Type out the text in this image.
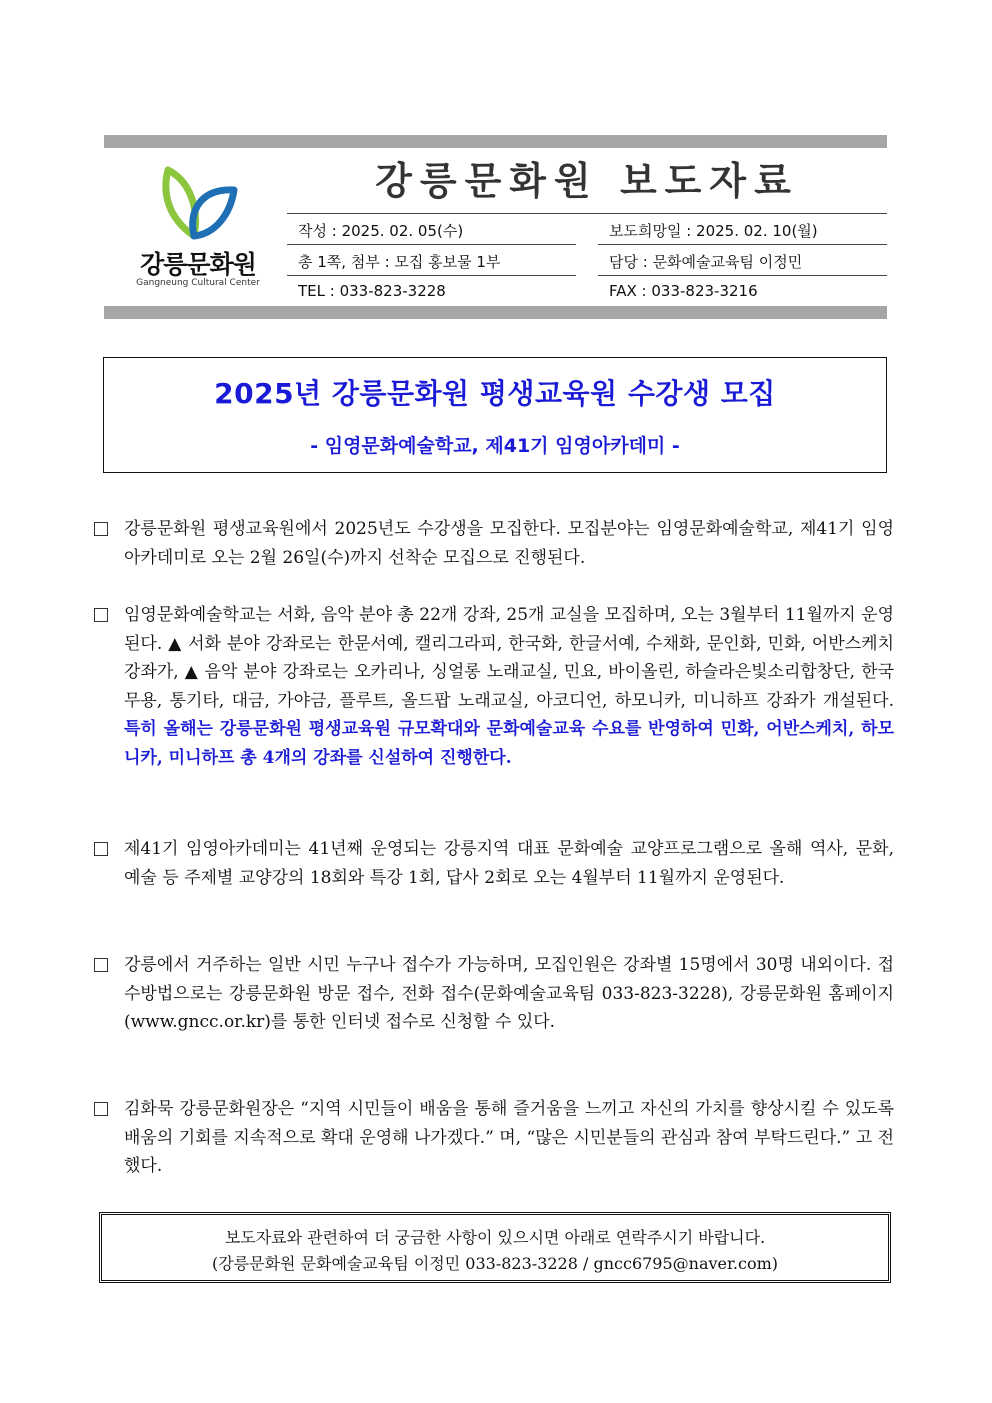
강릉문화원
Gangneung Cultural Center
강릉문화원 보도자료
작성 : 2025. 02. 05(수)	보도희망일 : 2025. 02. 10(월)
총 1쪽, 첨부 : 모집 홍보물 1부	담당 : 문화예술교육팀 이정민
TEL : 033-823-3228	FAX : 033-823-3216
2025년 강릉문화원 평생교육원 수강생 모집
- 임영문화예술학교, 제41기 임영아카데미 -
강릉문화원 평생교육원에서 2025년도 수강생을 모집한다. 모집분야는 임영문화예술학교, 제41기 임영아카데미로 오는 2월 26일(수)까지 선착순 모집으로 진행된다.
임영문화예술학교는 서화, 음악 분야 총 22개 강좌, 25개 교실을 모집하며, 오는 3월부터 11월까지 운영된다. ▲ 서화 분야 강좌로는 한문서예, 캘리그라피, 한국화, 한글서예, 수채화, 문인화, 민화, 어반스케치 강좌가, ▲ 음악 분야 강좌로는 오카리나, 싱얼롱 노래교실, 민요, 바이올린, 하슬라은빛소리합창단, 한국무용, 통기타, 대금, 가야금, 플루트, 올드팝 노래교실, 아코디언, 하모니카, 미니하프 강좌가 개설된다. 특히 올해는 강릉문화원 평생교육원 규모확대와 문화예술교육 수요를 반영하여 민화, 어반스케치, 하모니카, 미니하프 총 4개의 강좌를 신설하여 진행한다.
제41기 임영아카데미는 41년째 운영되는 강릉지역 대표 문화예술 교양프로그램으로 올해 역사, 문화, 예술 등 주제별 교양강의 18회와 특강 1회, 답사 2회로 오는 4월부터 11월까지 운영된다.
강릉에서 거주하는 일반 시민 누구나 접수가 가능하며, 모집인원은 강좌별 15명에서 30명 내외이다. 접수방법으로는 강릉문화원 방문 접수, 전화 접수(문화예술교육팀 033-823-3228), 강릉문화원 홈페이지(www.gncc.or.kr)를 통한 인터넷 접수로 신청할 수 있다.
김화묵 강릉문화원장은 “지역 시민들이 배움을 통해 즐거움을 느끼고 자신의 가치를 향상시킬 수 있도록 배움의 기회를 지속적으로 확대 운영해 나가겠다.” 며, “많은 시민분들의 관심과 참여 부탁드린다.” 고 전했다.
보도자료와 관련하여 더 궁금한 사항이 있으시면 아래로 연락주시기 바랍니다.
(강릉문화원 문화예술교육팀 이정민 033-823-3228 / gncc6795@naver.com)
